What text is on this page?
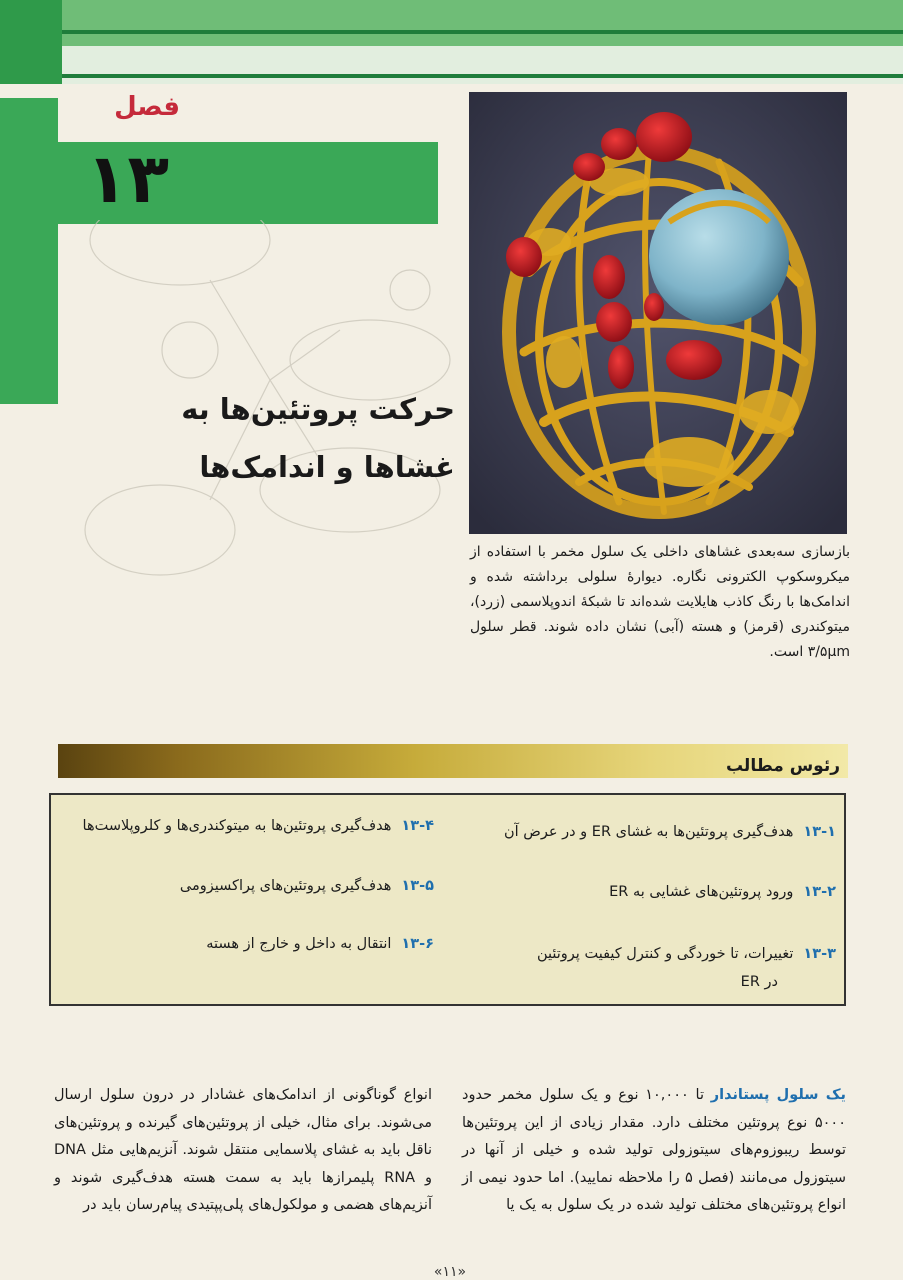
فصل
۱۳
حرکت پروتئین‌ها به
غشاها و اندامک‌ها
بازسازی سه‌بعدی غشاهای داخلی یک سلول مخمر با استفاده از میکروسکوپ الکترونی نگاره. دیوارهٔ سلولی برداشته شده و اندامک‌ها با رنگ کاذب هایلایت شده‌اند تا شبکهٔ اندوپلاسمی (زرد)، میتوکندری (قرمز) و هسته (آبی) نشان داده شوند. قطر سلول ۳/۵μm است.
رئوس مطالب
۱۳-۱هدف‌گیری پروتئین‌ها به غشای ER و در عرض آن
۱۳-۲ورود پروتئین‌های غشایی به ER
۱۳-۳تغییرات، تا خوردگی و کنترل کیفیت پروتئین
در ER
۱۳-۴هدف‌گیری پروتئین‌ها به میتوکندری‌ها و کلروپلاست‌ها
۱۳-۵هدف‌گیری پروتئین‌های پراکسیزومی
۱۳-۶انتقال به داخل و خارج از هسته
یک سلول پستاندار تا ۱۰,۰۰۰ نوع و یک سلول مخمر حدود ۵۰۰۰ نوع پروتئین مختلف دارد. مقدار زیادی از این پروتئین‌ها توسط ریبوزوم‌های سیتوزولی تولید شده و خیلی از آنها در سیتوزول می‌مانند (فصل ۵ را ملاحظه نمایید). اما حدود نیمی از انواع پروتئین‌های مختلف تولید شده در یک سلول به یک یا
انواع گوناگونی از اندامک‌های غشادار در درون سلول ارسال می‌شوند. برای مثال، خیلی از پروتئین‌های گیرنده و پروتئین‌های ناقل باید به غشای پلاسمایی منتقل شوند. آنزیم‌هایی مثل DNA و RNA پلیمرازها باید به سمت هسته هدف‌گیری شوند و آنزیم‌های هضمی و مولکول‌های پلی‌پپتیدی پیام‌رسان باید در
«۱۱»
